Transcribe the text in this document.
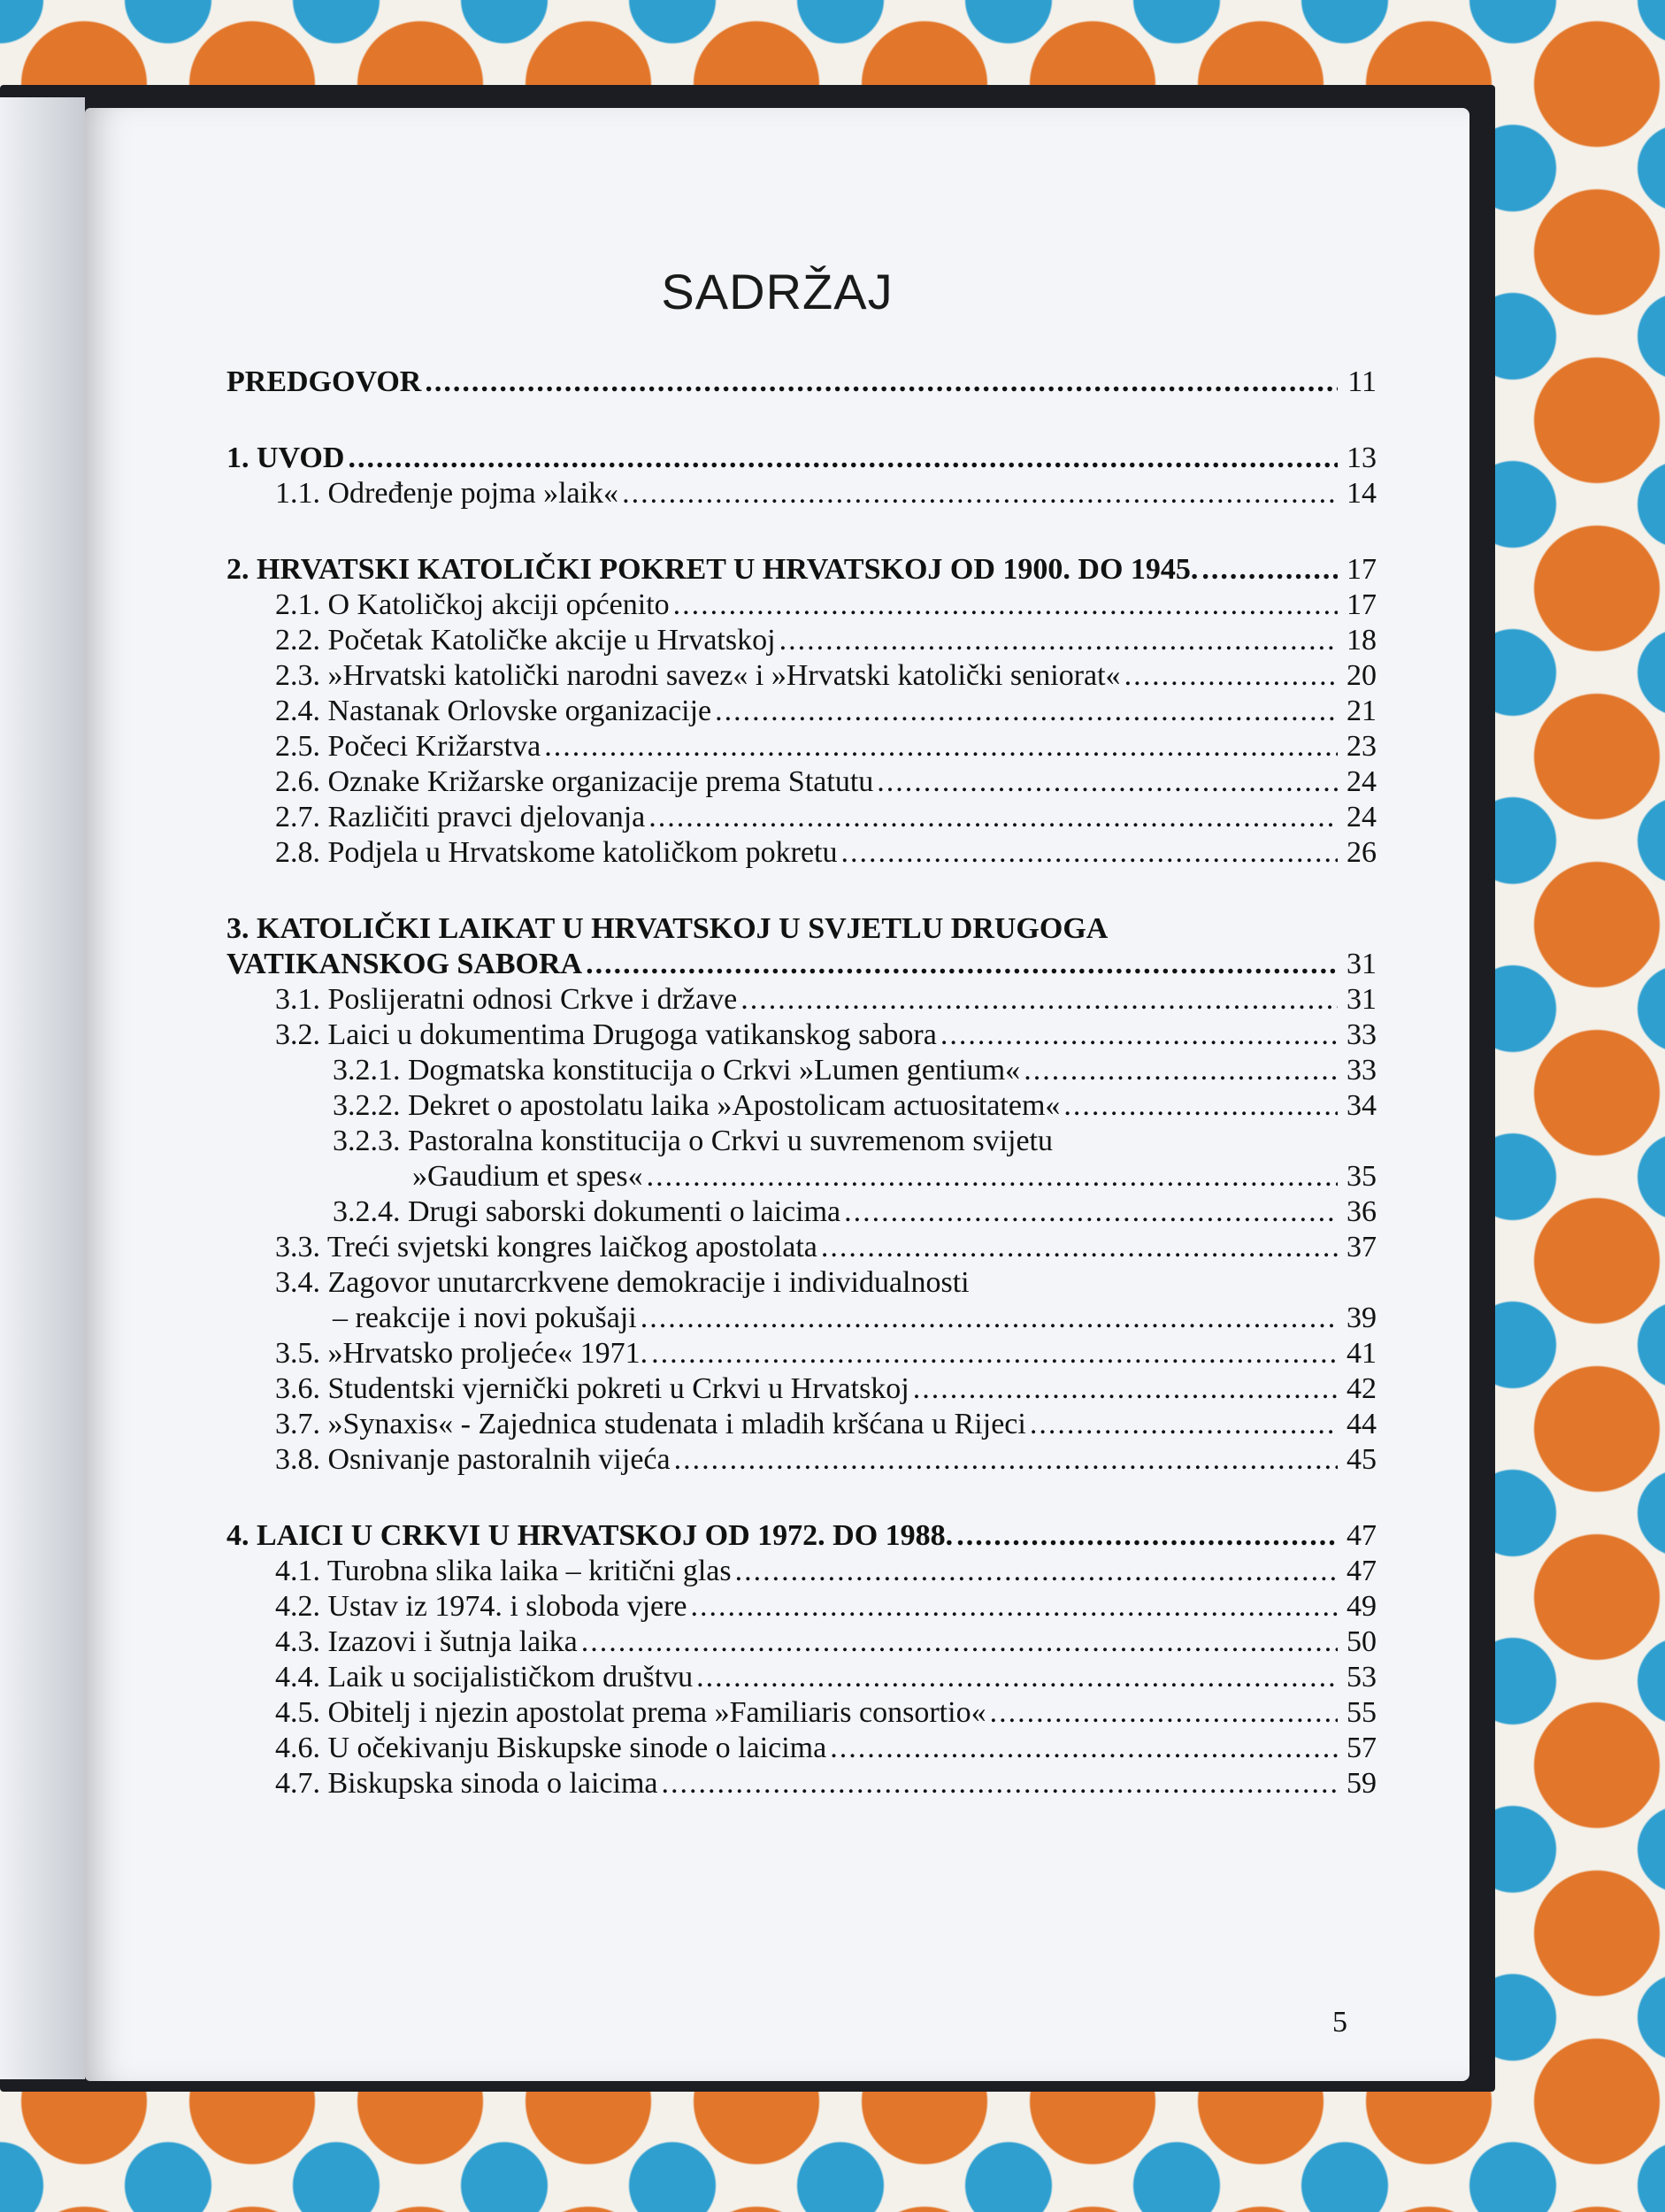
SADRŽAJ
PREDGOVOR .....	11
1. UVOD .....	13
1.1. Određenje pojma »laik« .....	14
2. HRVATSKI KATOLIČKI POKRET U HRVATSKOJ OD 1900. DO 1945. .....	17
2.1. O Katoličkoj akciji općenito .....	17
2.2. Početak Katoličke akcije u Hrvatskoj .....	18
2.3. »Hrvatski katolički narodni savez« i »Hrvatski katolički seniorat« .....	20
2.4. Nastanak Orlovske organizacije .....	21
2.5. Počeci Križarstva .....	23
2.6. Oznake Križarske organizacije prema Statutu .....	24
2.7. Različiti pravci djelovanja .....	24
2.8. Podjela u Hrvatskome katoličkom pokretu .....	26
3. KATOLIČKI LAIKAT U HRVATSKOJ U SVJETLU DRUGOGA
VATIKANSKOG SABORA .....	31
3.1. Poslijeratni odnosi Crkve i države .....	31
3.2. Laici u dokumentima Drugoga vatikanskog sabora .....	33
3.2.1. Dogmatska konstitucija o Crkvi »Lumen gentium« .....	33
3.2.2. Dekret o apostolatu laika »Apostolicam actuositatem« .....	34
3.2.3. Pastoralna konstitucija o Crkvi u suvremenom svijetu
»Gaudium et spes« .....	35
3.2.4. Drugi saborski dokumenti o laicima .....	36
3.3. Treći svjetski kongres laičkog apostolata .....	37
3.4. Zagovor unutarcrkvene demokracije i individualnosti
– reakcije i novi pokušaji .....	39
3.5. »Hrvatsko proljeće« 1971. .....	41
3.6. Studentski vjernički pokreti u Crkvi u Hrvatskoj .....	42
3.7. »Synaxis« - Zajednica studenata i mladih kršćana u Rijeci .....	44
3.8. Osnivanje pastoralnih vijeća .....	45
4. LAICI U CRKVI U HRVATSKOJ OD 1972. DO 1988. .....	47
4.1. Turobna slika laika – kritični glas .....	47
4.2. Ustav iz 1974. i sloboda vjere .....	49
4.3. Izazovi i šutnja laika .....	50
4.4. Laik u socijalističkom društvu .....	53
4.5. Obitelj i njezin apostolat prema »Familiaris consortio« .....	55
4.6. U očekivanju Biskupske sinode o laicima .....	57
4.7. Biskupska sinoda o laicima .....	59
5
